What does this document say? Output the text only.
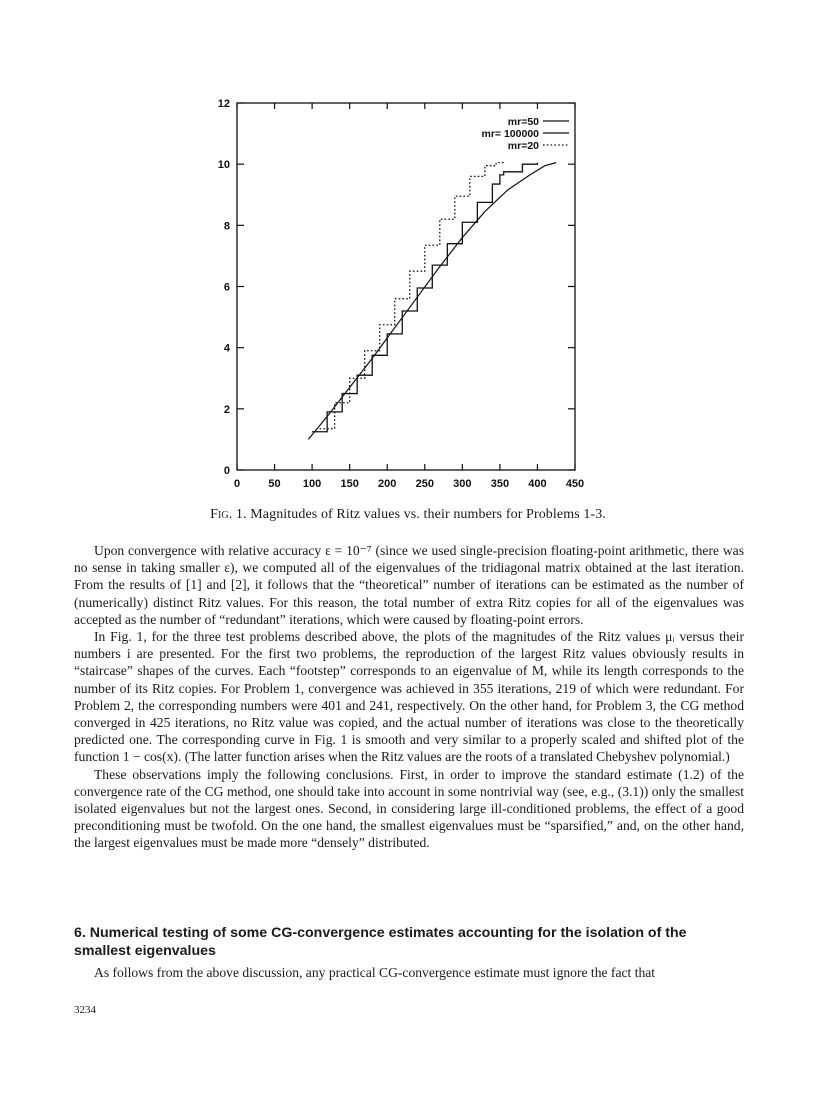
0	50 100 150 200 250 300 350 400 450
0
2
4
6
8
10
12
mr=50
mr= 100000
mr=20
Fig. 1. Magnitudes of Ritz values vs. their numbers for Problems 1-3.

Upon convergence with relative accuracy ε = 10⁻⁷ (since we used single-precision floating-point arithmetic, there was no sense in taking smaller ε), we computed all of the eigenvalues of the tridiagonal matrix obtained at the last iteration. From the results of [1] and [2], it follows that the “theoretical” number of iterations can be estimated as the number of (numerically) distinct Ritz values. For this reason, the total number of extra Ritz copies for all of the eigenvalues was accepted as the number of “redundant” iterations, which were caused by floating-point errors.

In Fig. 1, for the three test problems described above, the plots of the magnitudes of the Ritz values μᵢ versus their numbers i are presented. For the first two problems, the reproduction of the largest Ritz values obviously results in “staircase” shapes of the curves. Each “footstep” corresponds to an eigenvalue of M, while its length corresponds to the number of its Ritz copies. For Problem 1, convergence was achieved in 355 iterations, 219 of which were redundant. For Problem 2, the corresponding numbers were 401 and 241, respectively. On the other hand, for Problem 3, the CG method converged in 425 iterations, no Ritz value was copied, and the actual number of iterations was close to the theoretically predicted one. The corresponding curve in Fig. 1 is smooth and very similar to a properly scaled and shifted plot of the function 1 − cos(x). (The latter function arises when the Ritz values are the roots of a translated Chebyshev polynomial.)

These observations imply the following conclusions. First, in order to improve the standard estimate (1.2) of the convergence rate of the CG method, one should take into account in some nontrivial way (see, e.g., (3.1)) only the smallest isolated eigenvalues but not the largest ones. Second, in considering large ill-conditioned problems, the effect of a good preconditioning must be twofold. On the one hand, the smallest eigenvalues must be “sparsified,” and, on the other hand, the largest eigenvalues must be made more “densely” distributed.

6. Numerical testing of some CG-convergence estimates accounting for the isolation of the smallest eigenvalues

As follows from the above discussion, any practical CG-convergence estimate must ignore the fact that

3234
